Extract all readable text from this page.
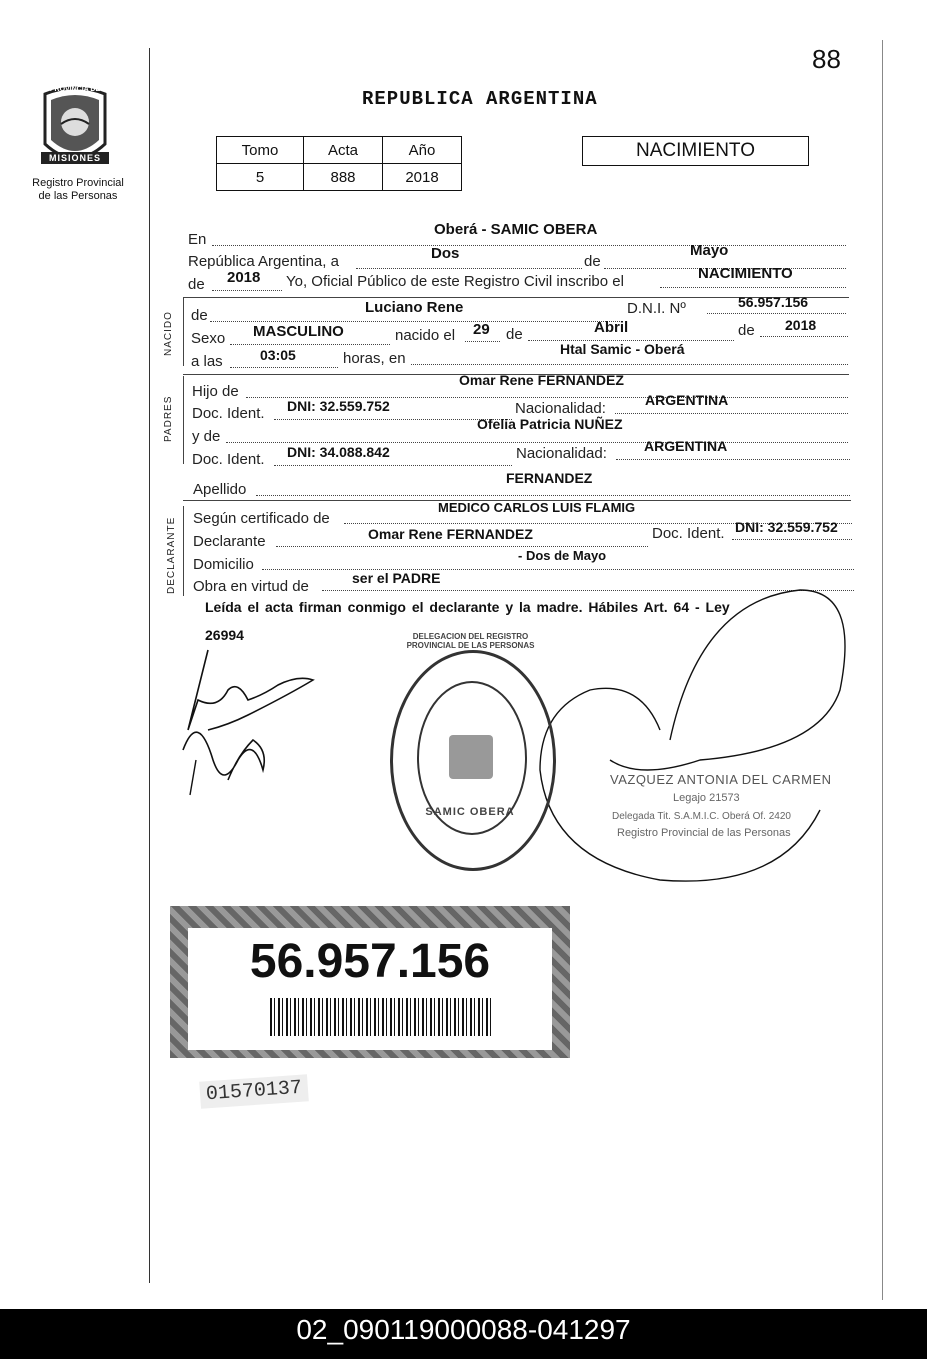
88
PROVINCIA DE
MISIONES
Registro Provincial
de las Personas
REPUBLICA ARGENTINA
Tomo	Acta	Año
5	888	2018
NACIMIENTO
En
Oberá - SAMIC OBERA
República Argentina, a	Dos	de
Mayo
de 2018 Yo, Oficial Público de este Registro Civil inscribo el	NACIMIENTO
NACIDO de	Luciano Rene	D.N.I. Nº	56.957.156
Sexo MASCULINO	nacido el 29 de	Abril	de 2018
a las	03:05	horas, en
Htal Samic - Oberá
PADRES
Hijo de
Omar Rene FERNANDEZ
Doc. Ident. DNI: 32.559.752	Nacionalidad:	ARGENTINA
y de
Ofelia Patricia NUÑEZ
Doc. Ident. DNI: 34.088.842	Nacionalidad:	ARGENTINA
Apellido
FERNANDEZ
DECLARANTE Según certificado de
MEDICO CARLOS LUIS FLAMIG
Declarante	Omar Rene FERNANDEZ	Doc. Ident. DNI: 32.559.752
Domicilio
- Dos de Mayo
Obra en virtud de	ser el PADRE
Leída el acta firman conmigo el declarante y la madre. Hábiles Art. 64 - Ley
26994	DELEGACION DEL REGISTRO PROVINCIAL DE LAS PERSONAS
SAMIC OBERA
VAZQUEZ ANTONIA DEL CARMEN
Legajo 21573
Delegada Tit. S.A.M.I.C. Oberá Of. 2420
Registro Provincial de las Personas
56.957.156
01570137
02_090119000088-041297
